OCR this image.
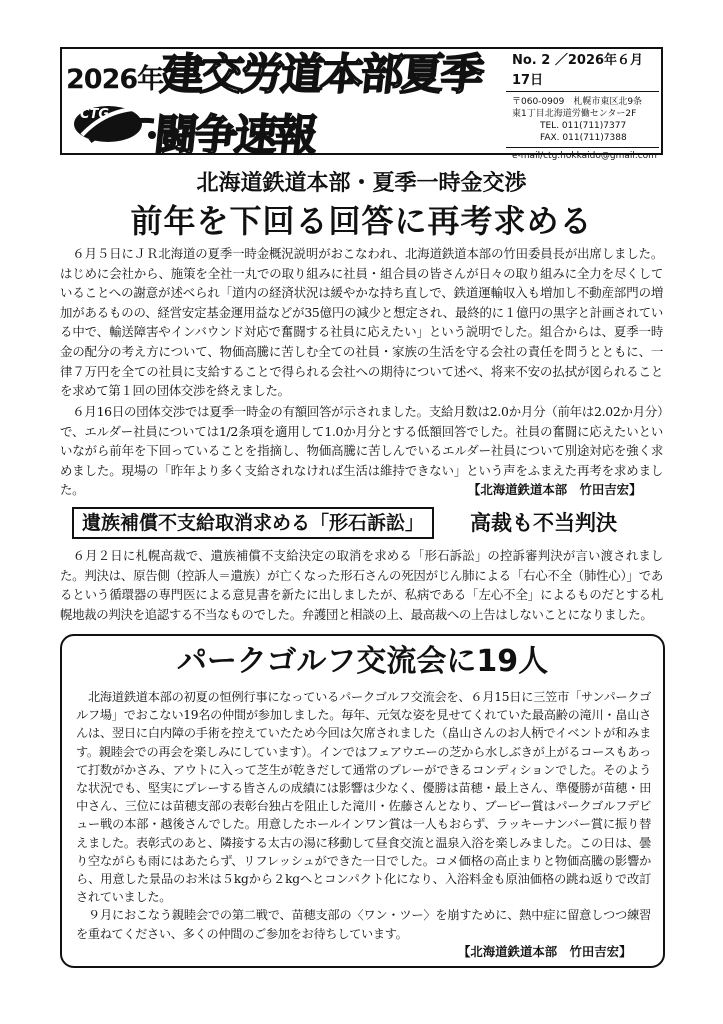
2026年
CTG
建交労道本部夏季闘争速報
No. 2 ／2026年６月17日
〒060-0909　札幌市東区北9条
東1丁目北海道労働センター2F
TEL. 011(711)7377
FAX. 011(711)7388
e-mail/ctg.hokkaido@gmail.com
北海道鉄道本部・夏季一時金交渉
前年を下回る回答に再考求める
　６月５日にＪＲ北海道の夏季一時金概況説明がおこなわれ、北海道鉄道本部の竹田委員長が出席しました。はじめに会社から、施策を全社一丸での取り組みに社員・組合員の皆さんが日々の取り組みに全力を尽くしていることへの謝意が述べられ「道内の経済状況は緩やかな持ち直しで、鉄道運輸収入も増加し不動産部門の増加があるものの、経営安定基金運用益などが35億円の減少と想定され、最終的に１億円の黒字と計画されている中で、輸送障害やインバウンド対応で奮闘する社員に応えたい」という説明でした。組合からは、夏季一時金の配分の考え方について、物価高騰に苦しむ全ての社員・家族の生活を守る会社の責任を問うとともに、一律７万円を全ての社員に支給することで得られる会社への期待について述べ、将来不安の払拭が図られることを求めて第１回の団体交渉を終えました。
　６月16日の団体交渉では夏季一時金の有額回答が示されました。支給月数は2.0か月分（前年は2.02か月分）で、エルダー社員については1/2条項を適用して1.0か月分とする低額回答でした。社員の奮闘に応えたいといいながら前年を下回っていることを指摘し、物価高騰に苦しんでいるエルダー社員について別途対応を強く求めました。現場の「昨年より多く支給されなければ生活は維持できない」という声をふまえた再考を求めました。	【北海道鉄道本部　竹田吉宏】
遺族補償不支給取消求める「形石訴訟」	高裁も不当判決
　６月２日に札幌高裁で、遺族補償不支給決定の取消を求める「形石訴訟」の控訴審判決が言い渡されました。判決は、原告側（控訴人＝遺族）が亡くなった形石さんの死因がじん肺による「右心不全（肺性心）」であるという循環器の専門医による意見書を新たに出しましたが、私病である「左心不全」によるものだとする札幌地裁の判決を追認する不当なものでした。弁護団と相談の上、最高裁への上告はしないことになりました。
パークゴルフ交流会に19人
　北海道鉄道本部の初夏の恒例行事になっているパークゴルフ交流会を、６月15日に三笠市「サンパークゴルフ場」でおこない19名の仲間が参加しました。毎年、元気な姿を見せてくれていた最高齢の滝川・畠山さんは、翌日に白内障の手術を控えていたため今回は欠席されました（畠山さんのお人柄でイベントが和みます。親睦会での再会を楽しみにしています）。インではフェアウエーの芝から水しぶきが上がるコースもあって打数がかさみ、アウトに入って芝生が乾きだして通常のプレーができるコンディションでした。そのような状況でも、堅実にプレーする皆さんの成績には影響は少なく、優勝は苗穂・最上さん、準優勝が苗穂・田中さん、三位には苗穂支部の表彰台独占を阻止した滝川・佐藤さんとなり、ブービー賞はパークゴルフデビュー戦の本部・越後さんでした。用意したホールインワン賞は一人もおらず、ラッキーナンバー賞に振り替えました。表彰式のあと、隣接する太古の湯に移動して昼食交流と温泉入浴を楽しみました。この日は、曇り空ながらも雨にはあたらず、リフレッシュができた一日でした。コメ価格の高止まりと物価高騰の影響から、用意した景品のお米は５kgから２kgへとコンパクト化になり、入浴料金も原油価格の跳ね返りで改訂されていました。
　９月におこなう親睦会での第二戦で、苗穂支部の〈ワン・ツー〉を崩すために、熱中症に留意しつつ練習を重ねてください、多くの仲間のご参加をお待ちしています。
【北海道鉄道本部　竹田吉宏】
